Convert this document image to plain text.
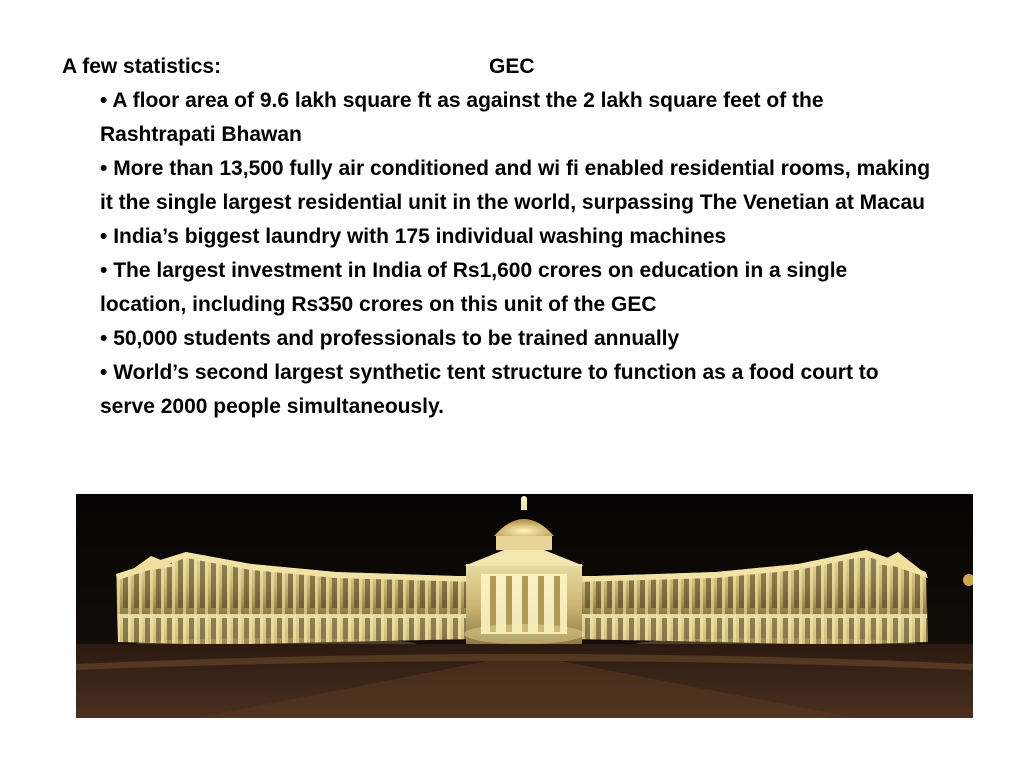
A few statistics:	GEC
• A floor area of 9.6 lakh square ft as against the 2 lakh square feet of the Rashtrapati Bhawan
• More than 13,500 fully air conditioned and wi fi enabled residential rooms, making it the single largest residential unit in the world, surpassing The Venetian at Macau
• India’s biggest laundry with 175 individual washing machines
• The largest investment in India of Rs1,600 crores on education in a single location, including Rs350 crores on this unit of the GEC
• 50,000 students and professionals to be trained annually
• World’s second largest synthetic tent structure to function as a food court to serve 2000 people simultaneously.
